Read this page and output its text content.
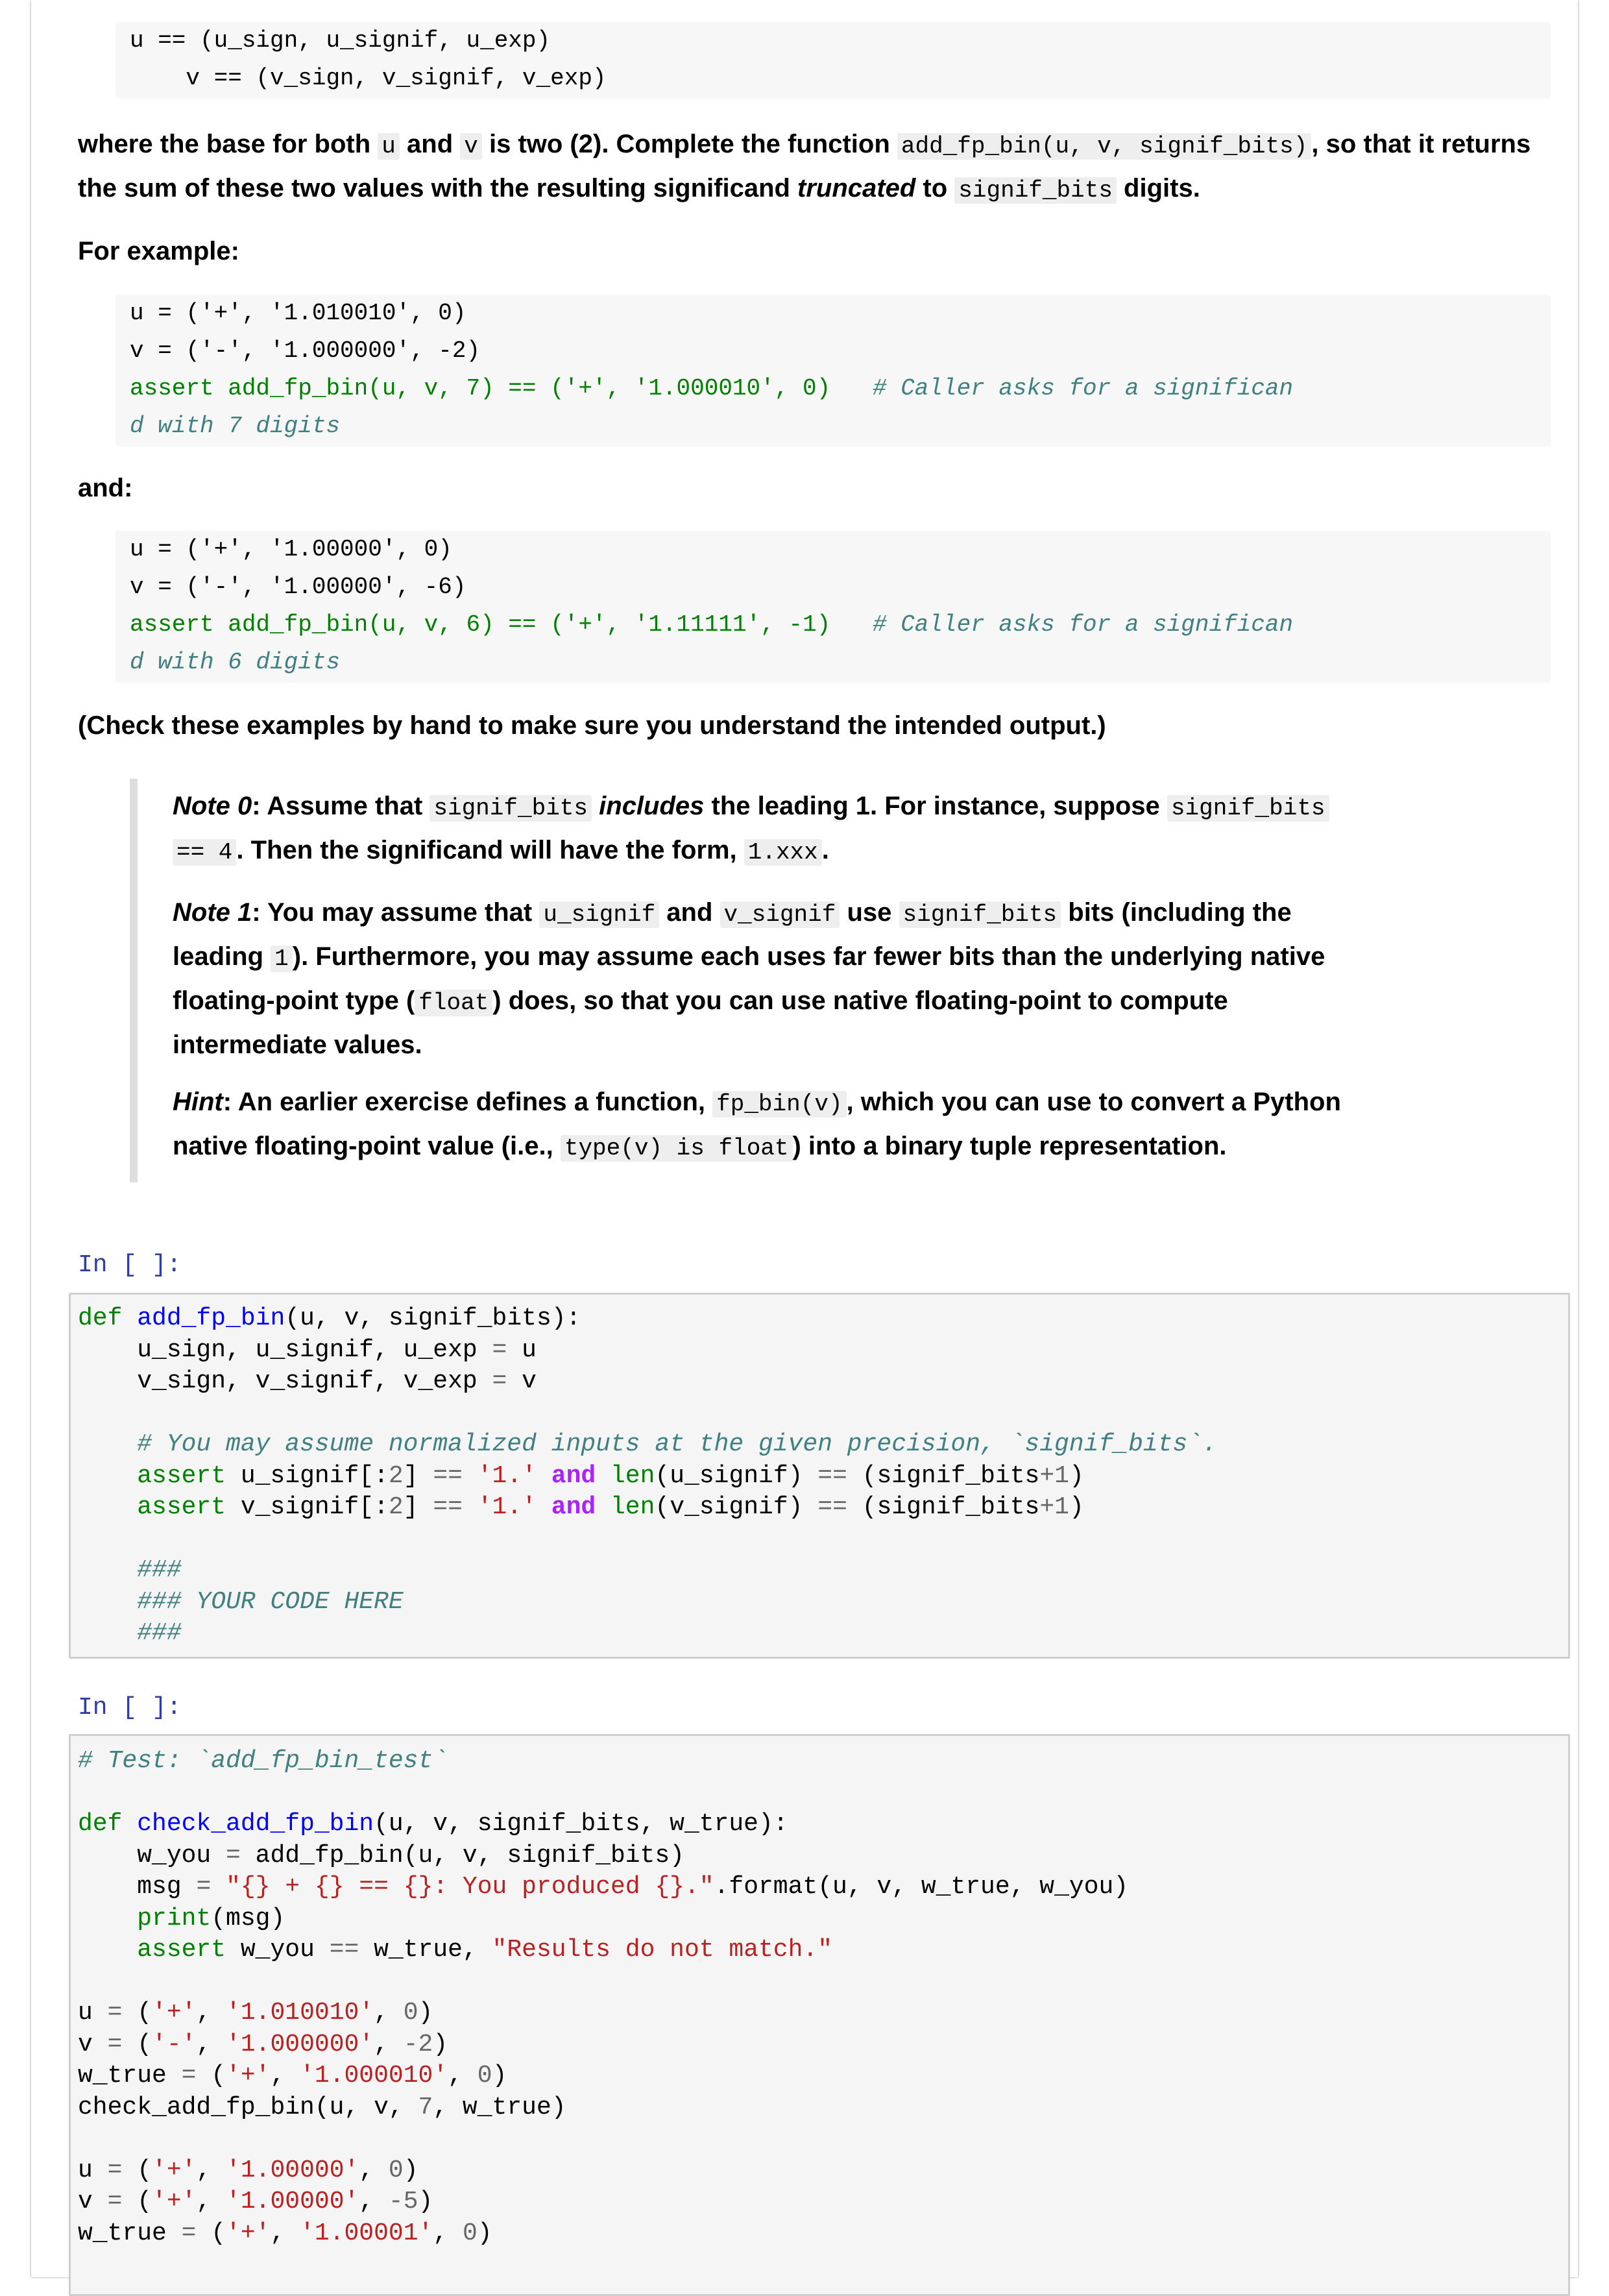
u == (u_sign, u_signif, u_exp)
v == (v_sign, v_signif, v_exp)
where the base for both u and v is two (2). Complete the function add_fp_bin(u, v, signif_bits) , so that it returns the sum of these two values with the resulting significand truncated to signif_bits digits.
For example:
u = ('+', '1.010010', 0)
v = ('-', '1.000000', -2)
assert add_fp_bin(u, v, 7) == ('+', '1.000010', 0) # Caller asks for a significan
d with 7 digits
and:
u = ('+', '1.00000', 0)
v = ('-', '1.00000', -6)
assert add_fp_bin(u, v, 6) == ('+', '1.11111', -1) # Caller asks for a significan
d with 6 digits
(Check these examples by hand to make sure you understand the intended output.)
Note 0: Assume that signif_bits includes the leading 1. For instance, suppose signif_bits
== 4 . Then the significand will have the form, 1.xxx .
Note 1: You may assume that u_signif and v_signif use signif_bits bits (including the
leading 1 ). Furthermore, you may assume each uses far fewer bits than the underlying native
floating-point type ( float ) does, so that you can use native floating-point to compute
intermediate values.
Hint: An earlier exercise defines a function, fp_bin(v) , which you can use to convert a Python
native floating-point value (i.e., type(v) is float ) into a binary tuple representation.
In [ ]:
def add_fp_bin(u, v, signif_bits):
u_sign, u_signif, u_exp = u
v_sign, v_signif, v_exp = v

# You may assume normalized inputs at the given precision, `signif_bits`.
assert u_signif[:2] == '1.' and len(u_signif) == (signif_bits+1)
assert v_signif[:2] == '1.' and len(v_signif) == (signif_bits+1)

###
### YOUR CODE HERE
###
In [ ]:
# Test: `add_fp_bin_test`

def check_add_fp_bin(u, v, signif_bits, w_true):
w_you = add_fp_bin(u, v, signif_bits)
msg = "{} + {} == {}: You produced {}.".format(u, v, w_true, w_you)
print(msg)
assert w_you == w_true, "Results do not match."

u = ('+', '1.010010', 0)
v = ('-', '1.000000', -2)
w_true = ('+', '1.000010', 0)
check_add_fp_bin(u, v, 7, w_true)

u = ('+', '1.00000', 0)
v = ('+', '1.00000', -5)
w_true = ('+', '1.00001', 0)
